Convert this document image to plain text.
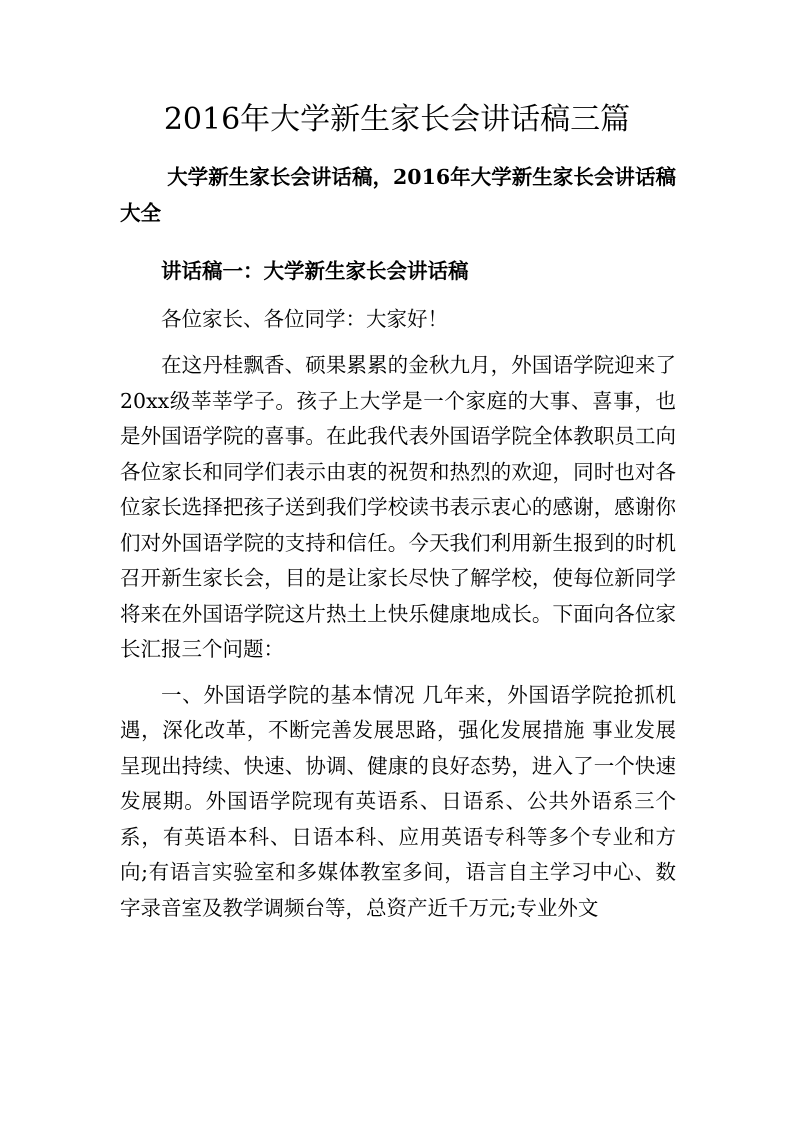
2016年大学新生家长会讲话稿三篇

大学新生家长会讲话稿，2016年大学新生家长会讲话稿大全

讲话稿一：大学新生家长会讲话稿

各位家长、各位同学：大家好！

在这丹桂飘香、硕果累累的金秋九月，外国语学院迎来了20xx级莘莘学子。孩子上大学是一个家庭的大事、喜事，也是外国语学院的喜事。在此我代表外国语学院全体教职员工向各位家长和同学们表示由衷的祝贺和热烈的欢迎，同时也对各位家长选择把孩子送到我们学校读书表示衷心的感谢，感谢你们对外国语学院的支持和信任。今天我们利用新生报到的时机召开新生家长会，目的是让家长尽快了解学校，使每位新同学将来在外国语学院这片热土上快乐健康地成长。下面向各位家长汇报三个问题：

一、外国语学院的基本情况 几年来，外国语学院抢抓机遇，深化改革，不断完善发展思路，强化发展措施 事业发展呈现出持续、快速、协调、健康的良好态势，进入了一个快速发展期。外国语学院现有英语系、日语系、公共外语系三个系，有英语本科、日语本科、应用英语专科等多个专业和方向;有语言实验室和多媒体教室多间，语言自主学习中心、数字录音室及教学调频台等，总资产近千万元;专业外文
